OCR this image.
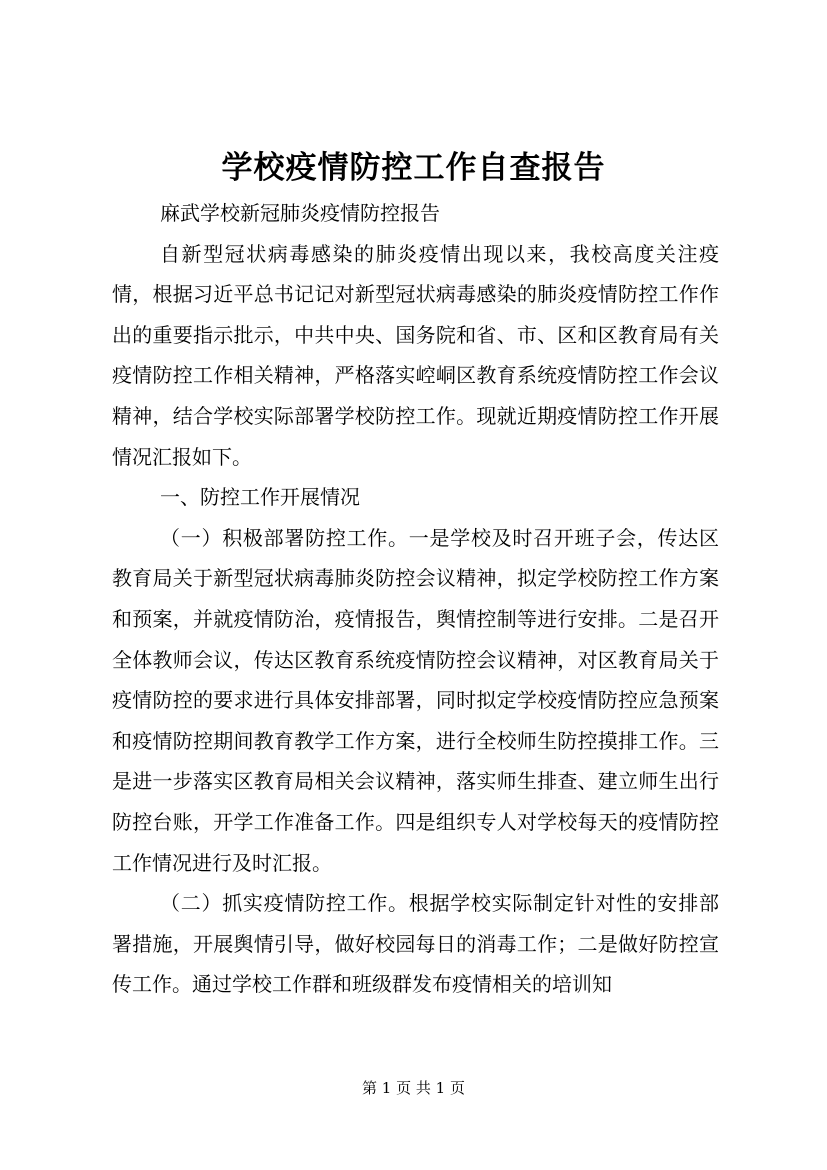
学校疫情防控工作自查报告

麻武学校新冠肺炎疫情防控报告

自新型冠状病毒感染的肺炎疫情出现以来，我校高度关注疫情，根据习近平总书记记对新型冠状病毒感染的肺炎疫情防控工作作出的重要指示批示，中共中央、国务院和省、市、区和区教育局有关疫情防控工作相关精神，严格落实崆峒区教育系统疫情防控工作会议精神，结合学校实际部署学校防控工作。现就近期疫情防控工作开展情况汇报如下。

一、防控工作开展情况

（一）积极部署防控工作。一是学校及时召开班子会，传达区教育局关于新型冠状病毒肺炎防控会议精神，拟定学校防控工作方案和预案，并就疫情防治，疫情报告，舆情控制等进行安排。二是召开全体教师会议，传达区教育系统疫情防控会议精神，对区教育局关于疫情防控的要求进行具体安排部署，同时拟定学校疫情防控应急预案和疫情防控期间教育教学工作方案，进行全校师生防控摸排工作。三是进一步落实区教育局相关会议精神，落实师生排查、建立师生出行防控台账，开学工作准备工作。四是组织专人对学校每天的疫情防控工作情况进行及时汇报。

（二）抓实疫情防控工作。根据学校实际制定针对性的安排部署措施，开展舆情引导，做好校园每日的消毒工作；二是做好防控宣传工作。通过学校工作群和班级群发布疫情相关的培训知

第 1 页 共 1 页
